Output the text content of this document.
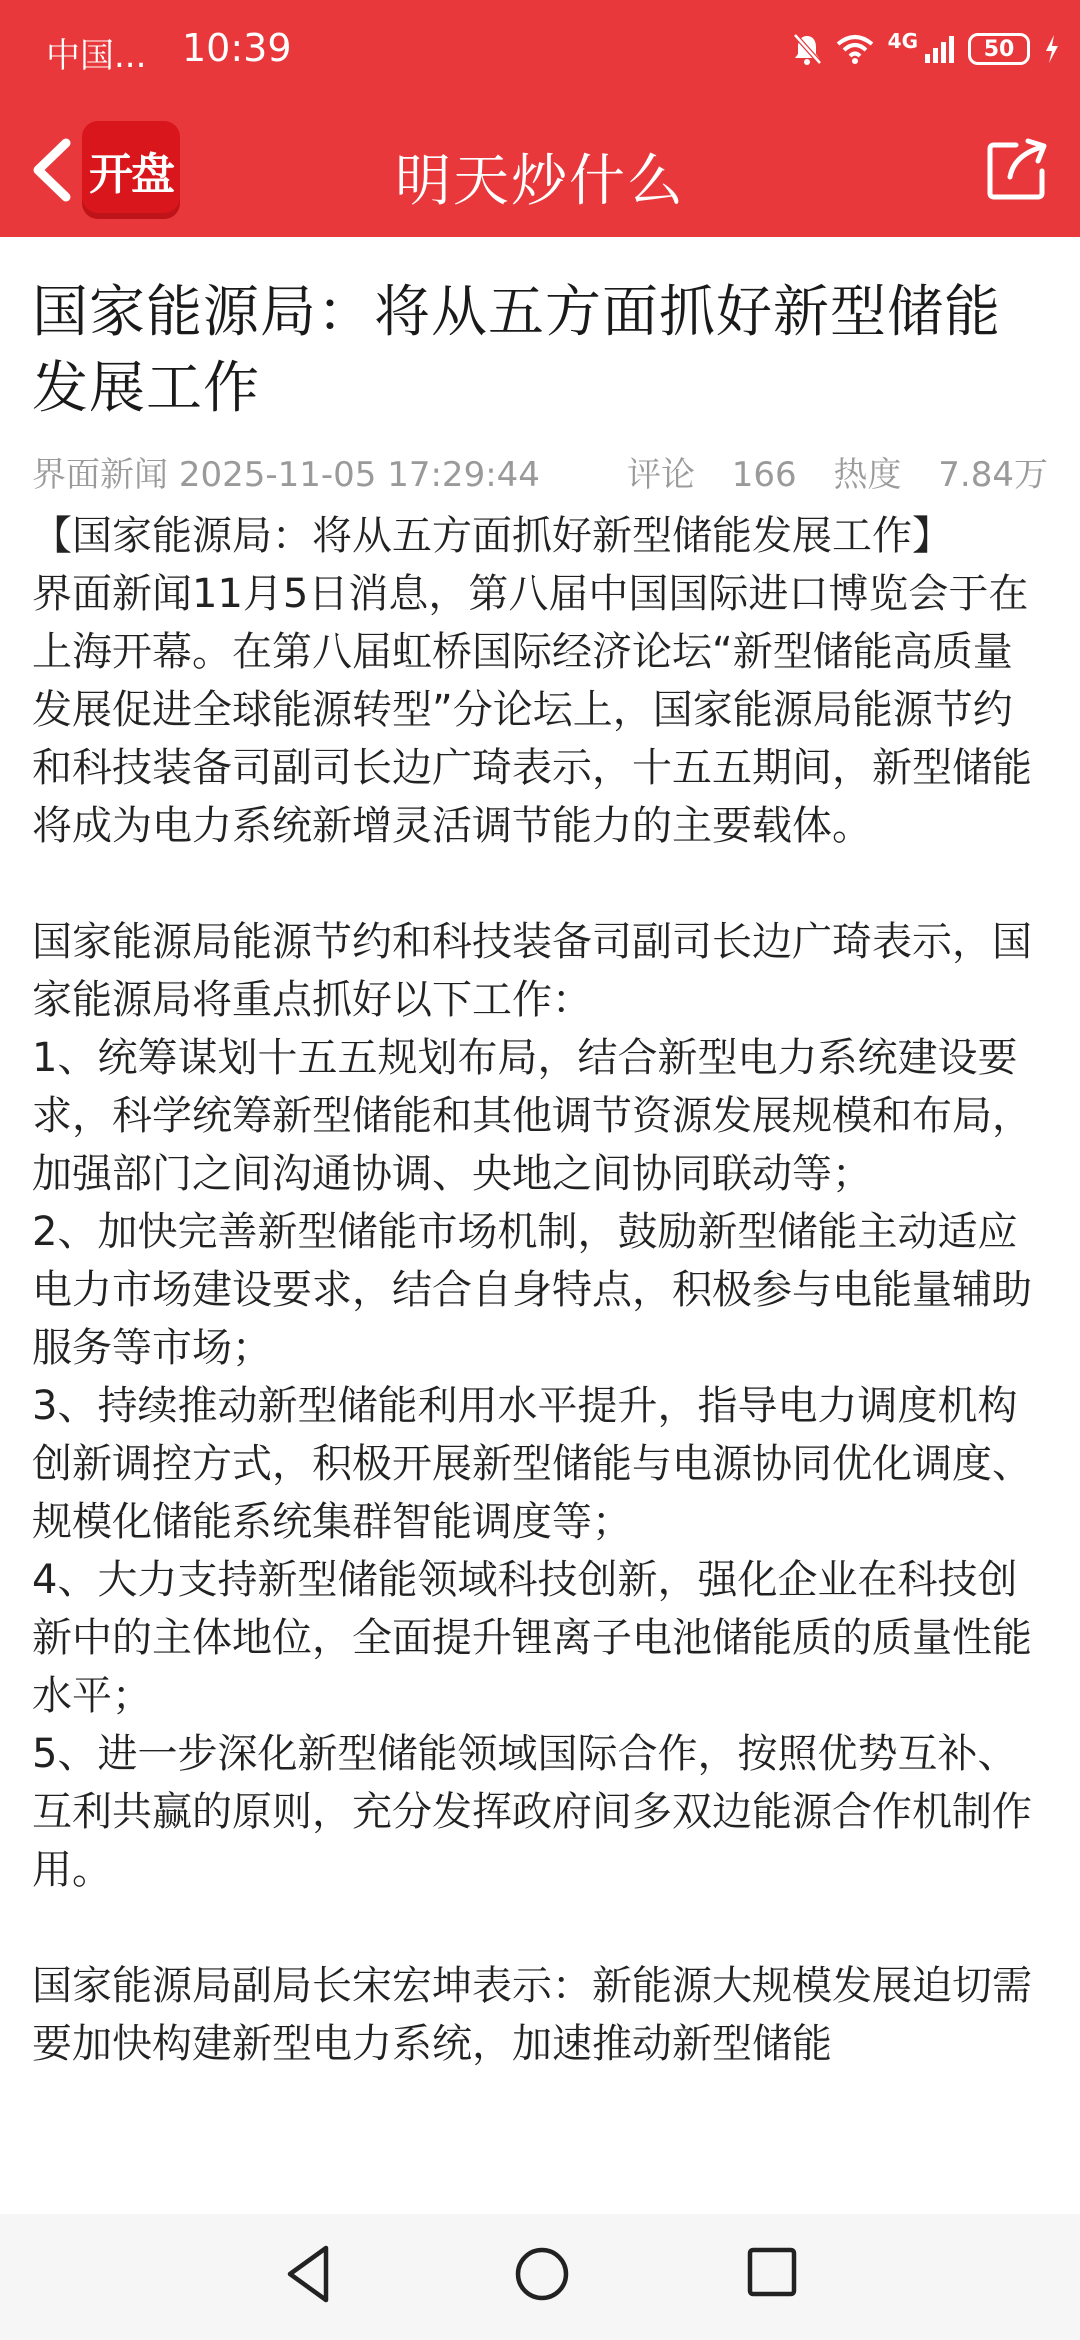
中国... 10:39	4G	50
开盘	明天炒什么
国家能源局：将从五方面抓好新型储能发展工作
界面新闻 2025-11-05 17:29:44	评论 166 热度 7.84万

【国家能源局：将从五方面抓好新型储能发展工作】

界面新闻11月5日消息，第八届中国国际进口博览会于在上海开幕。在第八届虹桥国际经济论坛“新型储能高质量发展促进全球能源转型”分论坛上，国家能源局能源节约和科技装备司副司长边广琦表示，十五五期间，新型储能将成为电力系统新增灵活调节能力的主要载体。

国家能源局能源节约和科技装备司副司长边广琦表示，国家能源局将重点抓好以下工作：

1、统筹谋划十五五规划布局，结合新型电力系统建设要求，科学统筹新型储能和其他调节资源发展规模和布局，加强部门之间沟通协调、央地之间协同联动等；

2、加快完善新型储能市场机制，鼓励新型储能主动适应电力市场建设要求，结合自身特点，积极参与电能量辅助服务等市场；

3、持续推动新型储能利用水平提升，指导电力调度机构创新调控方式，积极开展新型储能与电源协同优化调度、规模化储能系统集群智能调度等；

4、大力支持新型储能领域科技创新，强化企业在科技创新中的主体地位，全面提升锂离子电池储能质的质量性能水平；

5、进一步深化新型储能领域国际合作，按照优势互补、互利共赢的原则，充分发挥政府间多双边能源合作机制作用。

国家能源局副局长宋宏坤表示：新能源大规模发展迫切需要加快构建新型电力系统，加速推动新型储能
